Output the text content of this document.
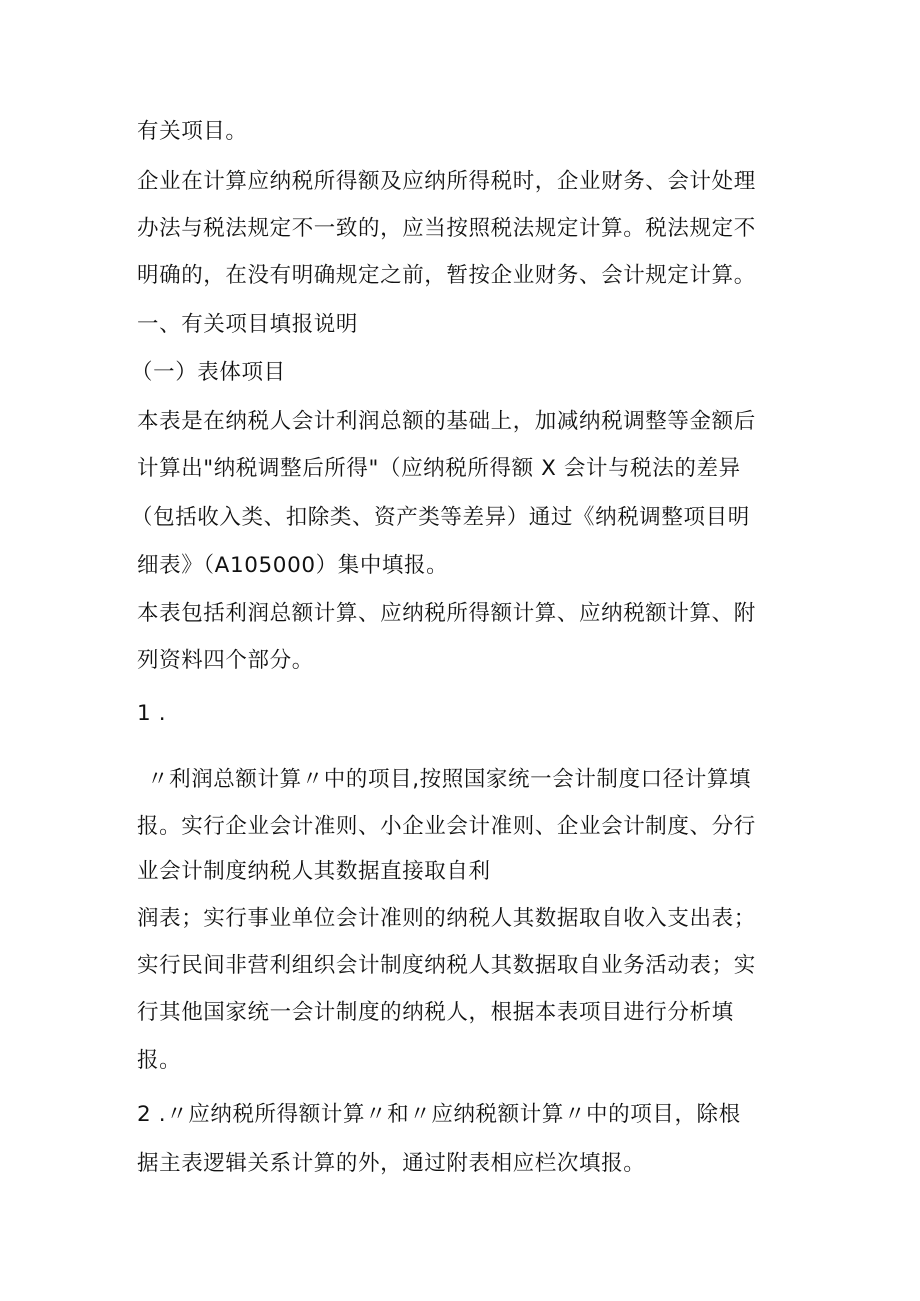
有关项目。
企业在计算应纳税所得额及应纳所得税时，企业财务、会计处理
办法与税法规定不一致的，应当按照税法规定计算。税法规定不
明确的，在没有明确规定之前，暂按企业财务、会计规定计算。
一、有关项目填报说明
（一）表体项目
本表是在纳税人会计利润总额的基础上，加减纳税调整等金额后
计算出"纳税调整后所得"（应纳税所得额 X 会计与税法的差异
（包括收入类、扣除类、资产类等差异）通过《纳税调整项目明
细表》（A105000）集中填报。
本表包括利润总额计算、应纳税所得额计算、应纳税额计算、附
列资料四个部分。
1 .
〃利润总额计算〃中的项目,按照国家统一会计制度口径计算填
报。实行企业会计准则、小企业会计准则、企业会计制度、分行
业会计制度纳税人其数据直接取自利
润表；实行事业单位会计准则的纳税人其数据取自收入支出表；
实行民间非营利组织会计制度纳税人其数据取自业务活动表；实
行其他国家统一会计制度的纳税人，根据本表项目进行分析填
报。
2 .〃应纳税所得额计算〃和〃应纳税额计算〃中的项目，除根
据主表逻辑关系计算的外，通过附表相应栏次填报。
